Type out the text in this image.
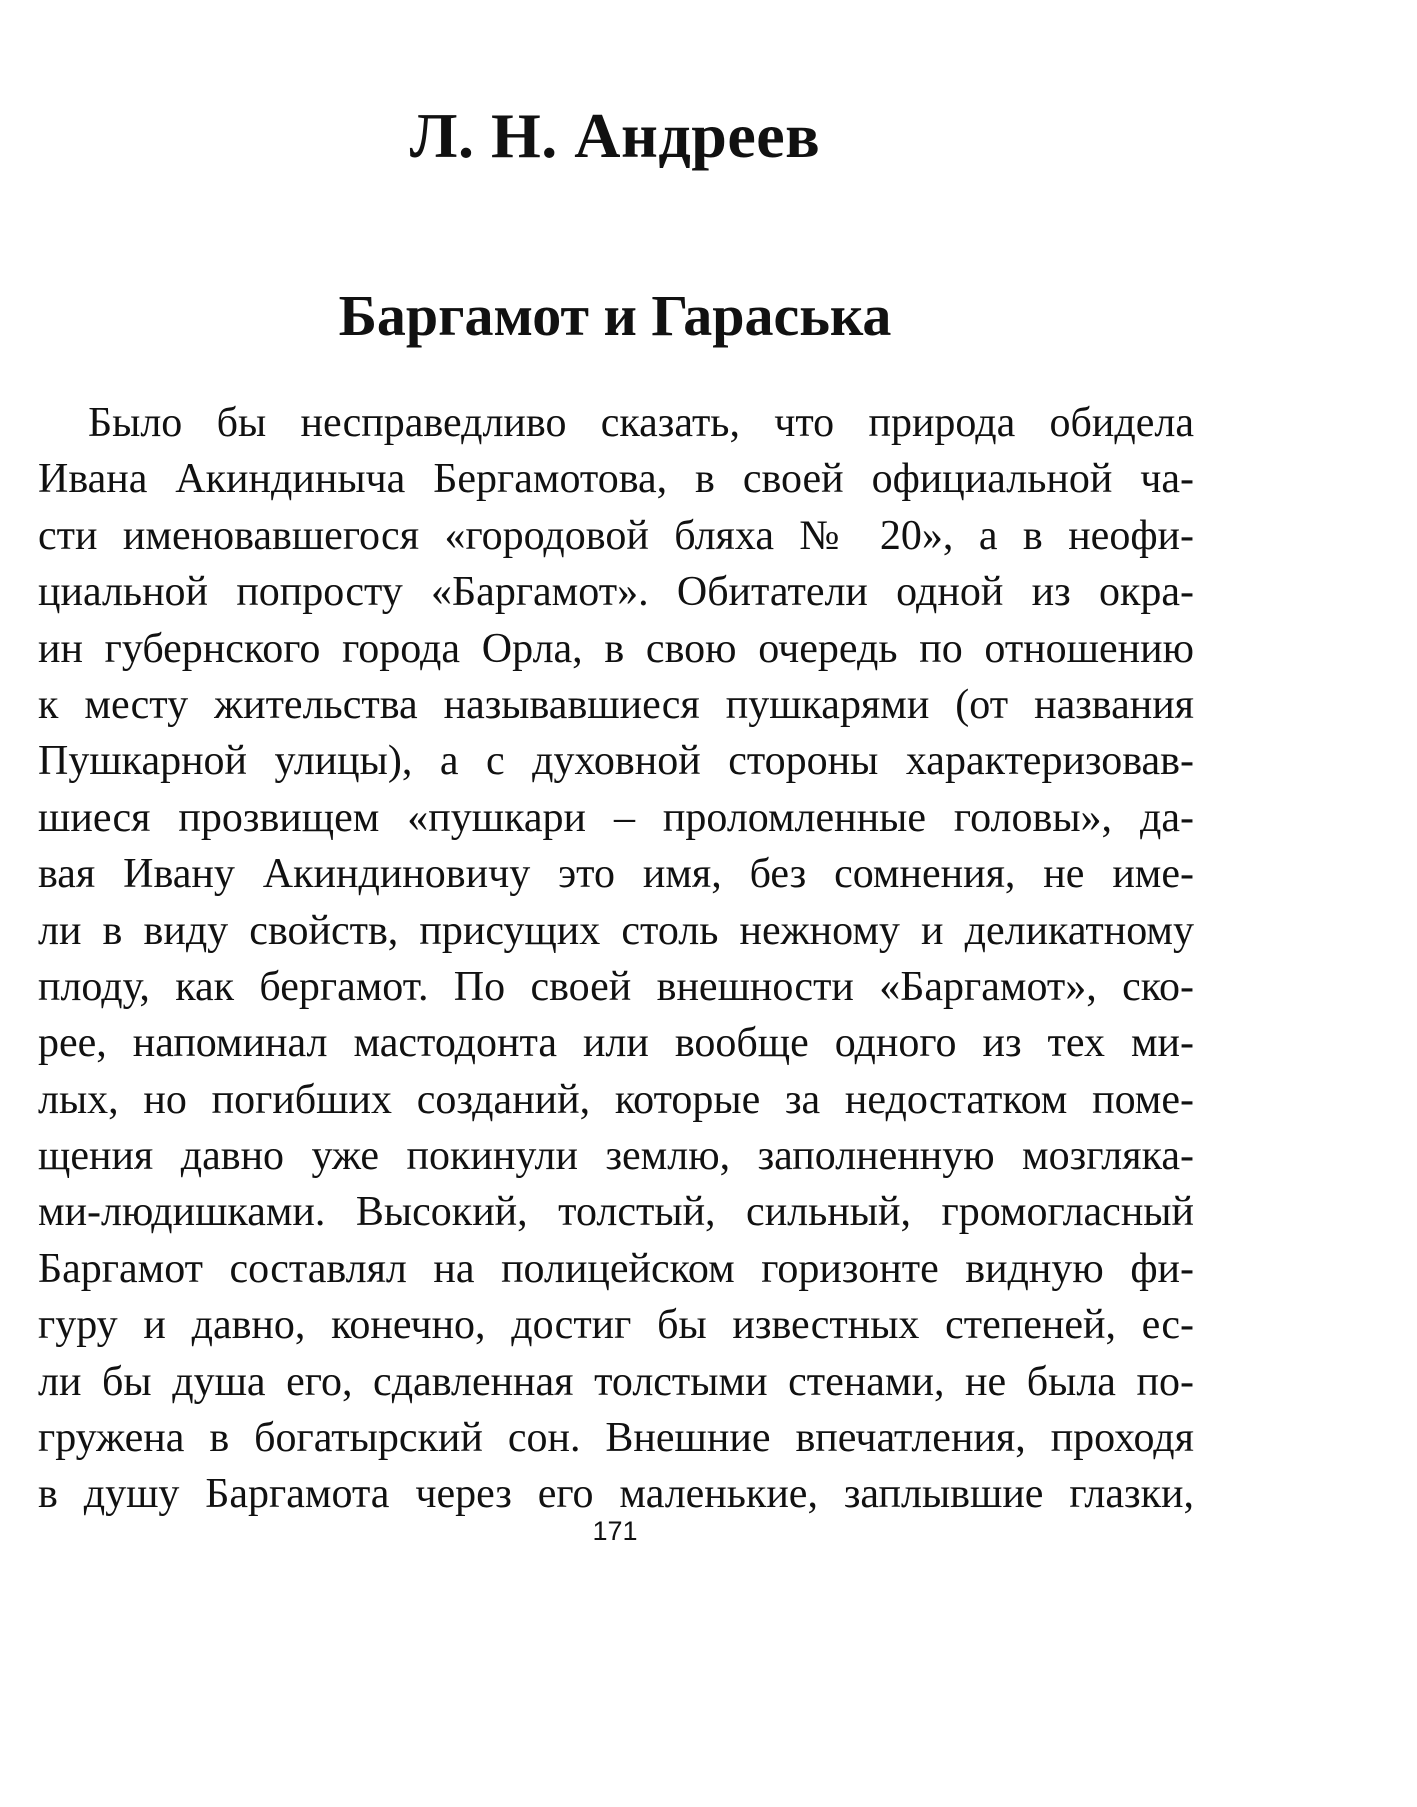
Л. Н. Андреев
Баргамот и Гараська
Было бы несправедливо сказать, что природа обидела
Ивана Акиндиныча Бергамотова, в своей официальной ча-
сти именовавшегося «городовой бляха № 20», а в неофи-
циальной попросту «Баргамот». Обитатели одной из окра-
ин губернского города Орла, в свою очередь по отношению
к месту жительства называвшиеся пушкарями (от названия
Пушкарной улицы), а с духовной стороны характеризовав-
шиеся прозвищем «пушкари – проломленные головы», да-
вая Ивану Акиндиновичу это имя, без сомнения, не име-
ли в виду свойств, присущих столь нежному и деликатному
плоду, как бергамот. По своей внешности «Баргамот», ско-
рее, напоминал мастодонта или вообще одного из тех ми-
лых, но погибших созданий, которые за недостатком поме-
щения давно уже покинули землю, заполненную мозгляка-
ми-людишками. Высокий, толстый, сильный, громогласный
Баргамот составлял на полицейском горизонте видную фи-
гуру и давно, конечно, достиг бы известных степеней, ес-
ли бы душа его, сдавленная толстыми стенами, не была по-
гружена в богатырский сон. Внешние впечатления, проходя
в душу Баргамота через его маленькие, заплывшие глазки,
171
